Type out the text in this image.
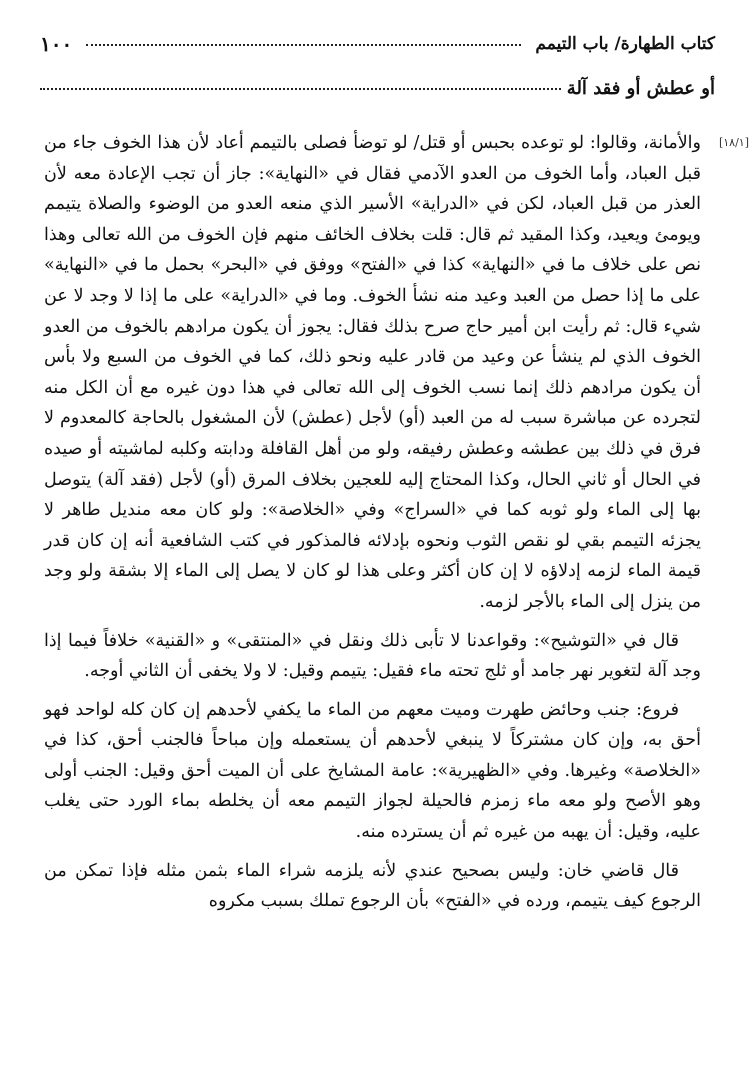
كتاب الطهارة/ باب التيمم
١٠٠
أو عطش أو فقد آلة
[١٨/١]

والأمانة، وقالوا: لو توعده بحبس أو قتل/ لو توضأ فصلى بالتيمم أعاد لأن هذا الخوف جاء من قبل العباد، وأما الخوف من العدو الآدمي فقال في «النهاية»: جاز أن تجب الإعادة معه لأن العذر من قبل العباد، لكن في «الدراية» الأسير الذي منعه العدو من الوضوء والصلاة يتيمم ويومئ ويعيد، وكذا المقيد ثم قال: قلت بخلاف الخائف منهم فإن الخوف من الله تعالى وهذا نص على خلاف ما في «النهاية» كذا في «الفتح» ووفق في «البحر» بحمل ما في «النهاية» على ما إذا حصل من العبد وعيد منه نشأ الخوف. وما في «الدراية» على ما إذا لا وجد لا عن شيء قال: ثم رأيت ابن أمير حاج صرح بذلك فقال: يجوز أن يكون مرادهم بالخوف من العدو الخوف الذي لم ينشأ عن وعيد من قادر عليه ونحو ذلك، كما في الخوف من السبع ولا بأس أن يكون مرادهم ذلك إنما نسب الخوف إلى الله تعالى في هذا دون غيره مع أن الكل منه لتجرده عن مباشرة سبب له من العبد (أو) لأجل (عطش) لأن المشغول بالحاجة كالمعدوم لا فرق في ذلك بين عطشه وعطش رفيقه، ولو من أهل القافلة ودابته وكلبه لماشيته أو صيده في الحال أو ثاني الحال، وكذا المحتاج إليه للعجين بخلاف المرق (أو) لأجل (فقد آلة) يتوصل بها إلى الماء ولو ثوبه كما في «السراج» وفي «الخلاصة»: ولو كان معه منديل طاهر لا يجزئه التيمم بقي لو نقص الثوب ونحوه بإدلائه فالمذكور في كتب الشافعية أنه إن كان قدر قيمة الماء لزمه إدلاؤه لا إن كان أكثر وعلى هذا لو كان لا يصل إلى الماء إلا بشقة ولو وجد من ينزل إلى الماء بالأجر لزمه.

قال في «التوشيح»: وقواعدنا لا تأبى ذلك ونقل في «المنتقى» و «القنية» خلافاً فيما إذا وجد آلة لتغوير نهر جامد أو ثلج تحته ماء فقيل: يتيمم وقيل: لا ولا يخفى أن الثاني أوجه.

فروع: جنب وحائض طهرت وميت معهم من الماء ما يكفي لأحدهم إن كان كله لواحد فهو أحق به، وإن كان مشتركاً لا ينبغي لأحدهم أن يستعمله وإن مباحاً فالجنب أحق، كذا في «الخلاصة» وغيرها. وفي «الظهيرية»: عامة المشايخ على أن الميت أحق وقيل: الجنب أولى وهو الأصح ولو معه ماء زمزم فالحيلة لجواز التيمم معه أن يخلطه بماء الورد حتى يغلب عليه، وقيل: أن يهبه من غيره ثم أن يسترده منه.

قال قاضي خان: وليس بصحيح عندي لأنه يلزمه شراء الماء بثمن مثله فإذا تمكن من الرجوع كيف يتيمم، ورده في «الفتح» بأن الرجوع تملك بسبب مكروه
